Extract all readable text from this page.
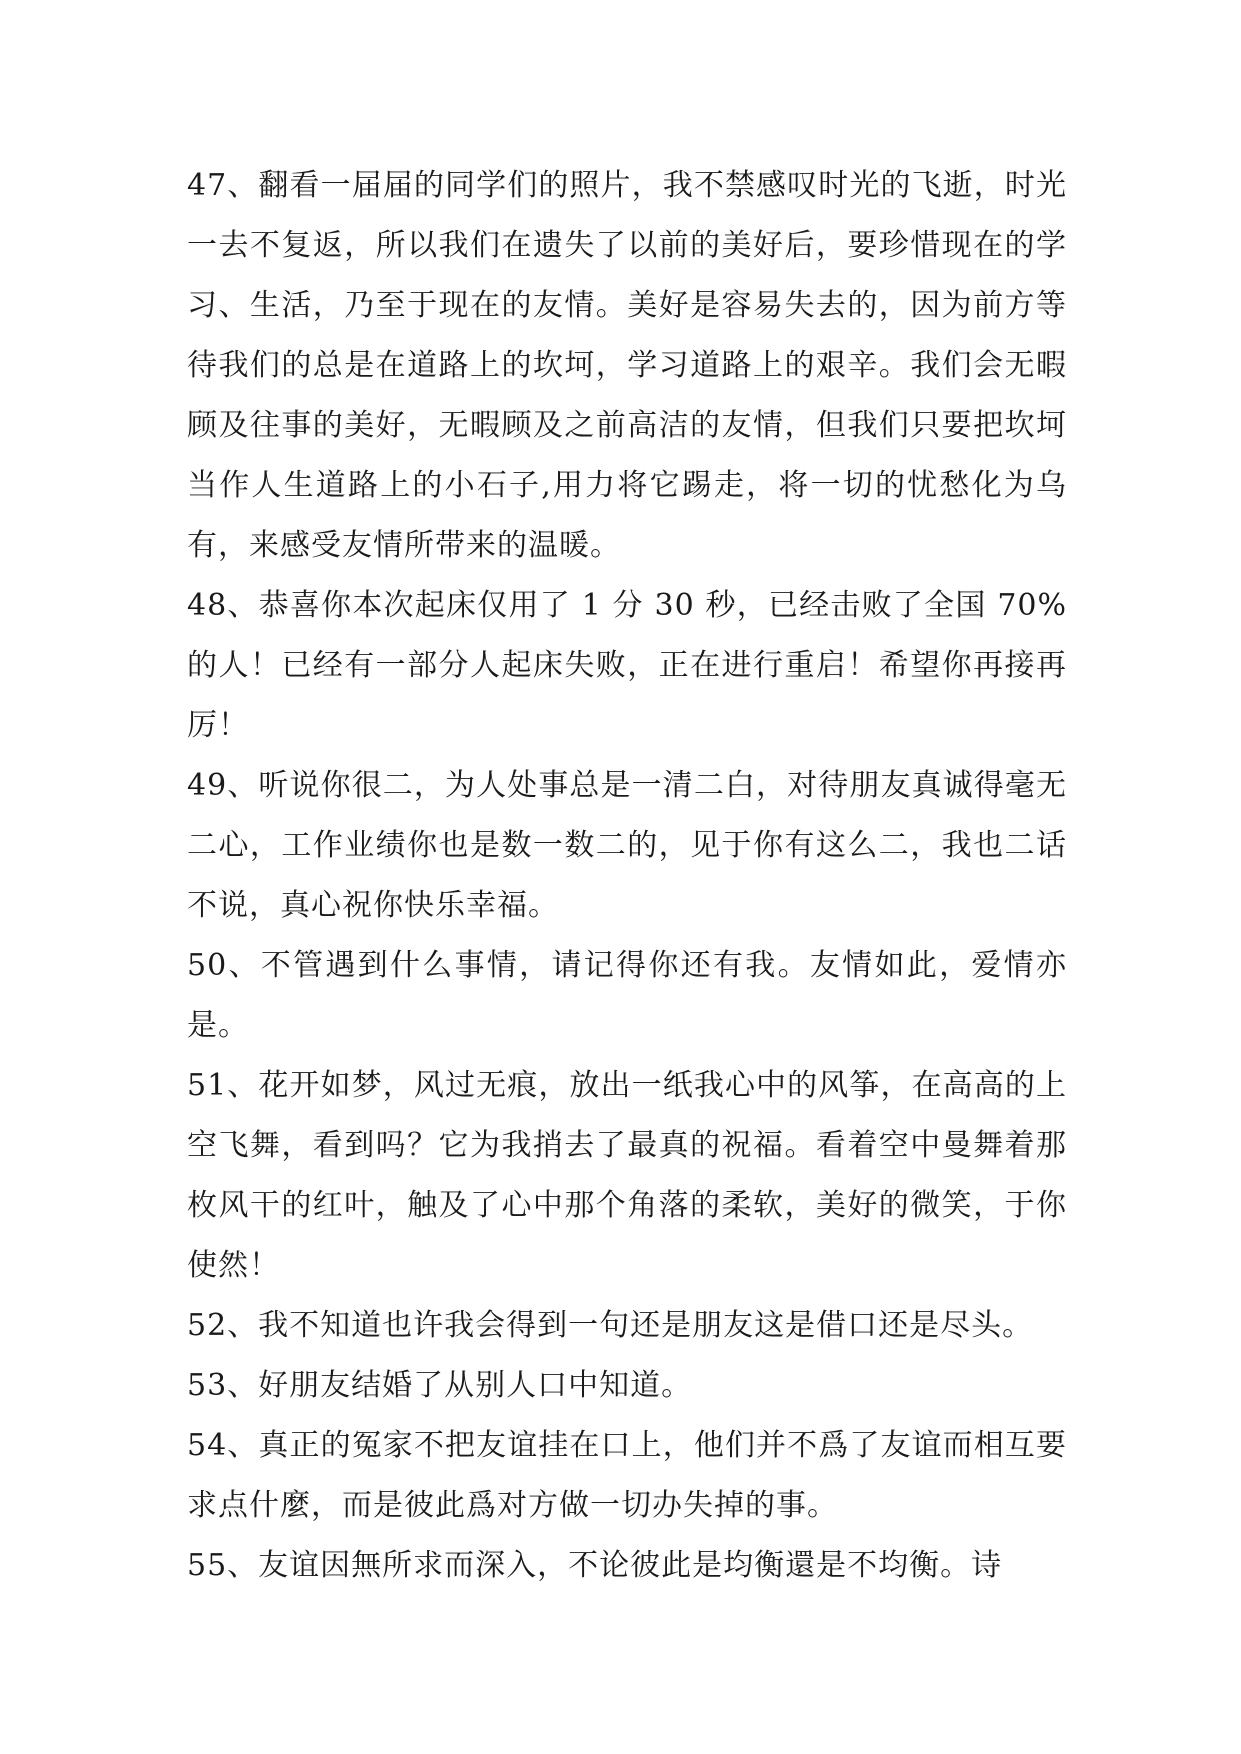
47、翻看一届届的同学们的照片，我不禁感叹时光的飞逝，时光一去不复返，所以我们在遗失了以前的美好后，要珍惜现在的学习、生活，乃至于现在的友情。美好是容易失去的，因为前方等待我们的总是在道路上的坎坷，学习道路上的艰辛。我们会无暇顾及往事的美好，无暇顾及之前高洁的友情，但我们只要把坎坷当作人生道路上的小石子,用力将它踢走，将一切的忧愁化为乌有，来感受友情所带来的温暖。

48、恭喜你本次起床仅用了 1 分 30 秒，已经击败了全国 70%的人！已经有一部分人起床失败，正在进行重启！希望你再接再厉！

49、听说你很二，为人处事总是一清二白，对待朋友真诚得毫无二心，工作业绩你也是数一数二的，见于你有这么二，我也二话不说，真心祝你快乐幸福。

50、不管遇到什么事情，请记得你还有我。友情如此，爱情亦是。

51、花开如梦，风过无痕，放出一纸我心中的风筝，在高高的上空飞舞，看到吗？它为我捎去了最真的祝福。看着空中曼舞着那枚风干的红叶，触及了心中那个角落的柔软，美好的微笑，于你使然！

52、我不知道也许我会得到一句还是朋友这是借口还是尽头。

53、好朋友结婚了从别人口中知道。

54、真正的冤家不把友谊挂在口上，他们并不爲了友谊而相互要求点什麼，而是彼此爲对方做一切办失掉的事。

55、友谊因無所求而深入，不论彼此是均衡還是不均衡。诗
